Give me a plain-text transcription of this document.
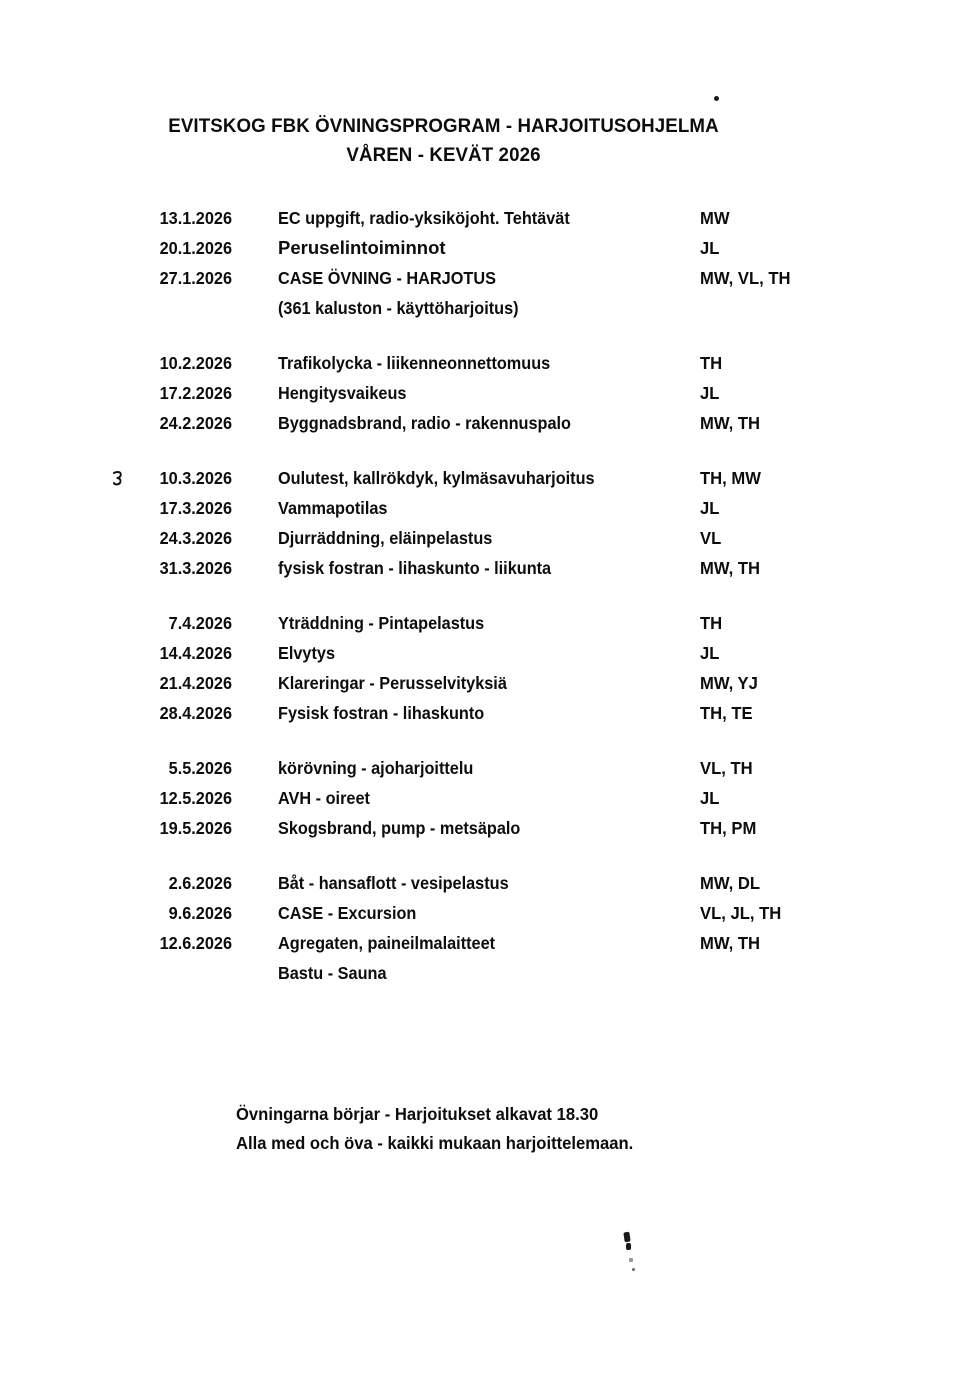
EVITSKOG FBK ÖVNINGSPROGRAM - HARJOITUSOHJELMA
VÅREN - KEVÄT 2026
13.1.2026	EC uppgift, radio-yksiköjoht. Tehtävät	MW
20.1.2026 Peruselintoiminnot	JL
27.1.2026	CASE ÖVNING - HARJOTUS	MW, VL, TH
(361 kaluston - käyttöharjoitus)
10.2.2026	Trafikolycka - liikenneonnettomuus	TH
17.2.2026	Hengitysvaikeus	JL
24.2.2026	Byggnadsbrand, radio - rakennuspalo	MW, TH
10.3.2026	Oulutest, kallrökdyk, kylmäsavuharjoitus	TH, MW
17.3.2026	Vammapotilas	JL
24.3.2026	Djurräddning, eläinpelastus	VL
31.3.2026	fysisk fostran - lihaskunto - liikunta	MW, TH
7.4.2026	Yträddning - Pintapelastus	TH
14.4.2026	Elvytys	JL
21.4.2026	Klareringar - Perusselvityksiä	MW, YJ
28.4.2026	Fysisk fostran - lihaskunto	TH, TE
5.5.2026	körövning - ajoharjoittelu	VL, TH
12.5.2026	AVH - oireet	JL
19.5.2026	Skogsbrand, pump - metsäpalo	TH, PM
2.6.2026	Båt - hansaflott - vesipelastus	MW, DL
9.6.2026	CASE - Excursion	VL, JL, TH
12.6.2026	Agregaten, paineilmalaitteet	MW, TH
Bastu - Sauna
Övningarna börjar - Harjoitukset alkavat 18.30
Alla med och öva - kaikki mukaan harjoittelemaan.
